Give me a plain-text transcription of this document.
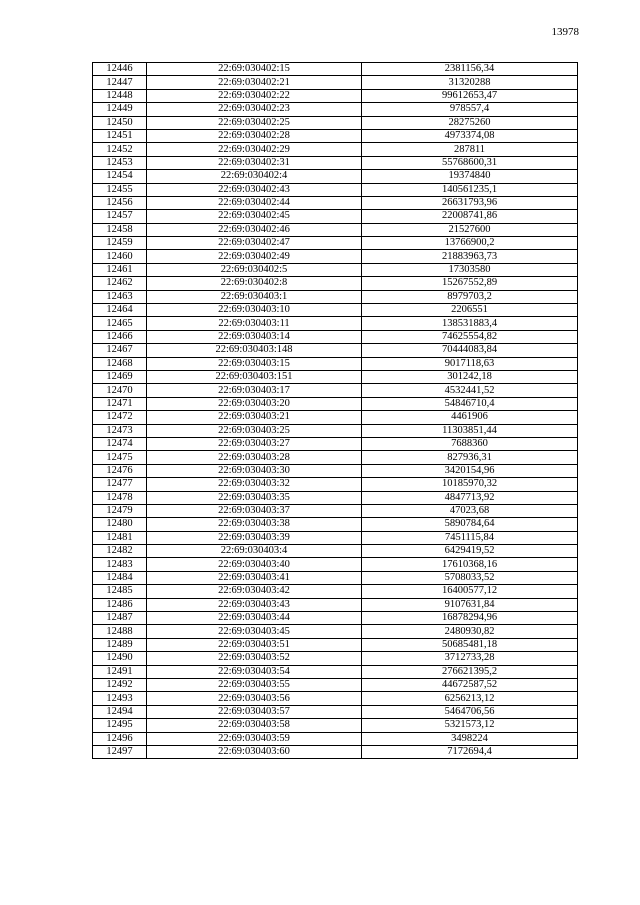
13978
12446	22:69:030402:15	2381156,34
12447	22:69:030402:21	31320288
12448	22:69:030402:22	99612653,47
12449	22:69:030402:23	978557,4
12450	22:69:030402:25	28275260
12451	22:69:030402:28	4973374,08
12452	22:69:030402:29	287811
12453	22:69:030402:31	55768600,31
12454	22:69:030402:4	19374840
12455	22:69:030402:43	140561235,1
12456	22:69:030402:44	26631793,96
12457	22:69:030402:45	22008741,86
12458	22:69:030402:46	21527600
12459	22:69:030402:47	13766900,2
12460	22:69:030402:49	21883963,73
12461	22:69:030402:5	17303580
12462	22:69:030402:8	15267552,89
12463	22:69:030403:1	8979703,2
12464	22:69:030403:10	2206551
12465	22:69:030403:11	138531883,4
12466	22:69:030403:14	74625554,82
12467	22:69:030403:148	70444083,84
12468	22:69:030403:15	9017118,63
12469	22:69:030403:151	301242,18
12470	22:69:030403:17	4532441,52
12471	22:69:030403:20	54846710,4
12472	22:69:030403:21	4461906
12473	22:69:030403:25	11303851,44
12474	22:69:030403:27	7688360
12475	22:69:030403:28	827936,31
12476	22:69:030403:30	3420154,96
12477	22:69:030403:32	10185970,32
12478	22:69:030403:35	4847713,92
12479	22:69:030403:37	47023,68
12480	22:69:030403:38	5890784,64
12481	22:69:030403:39	7451115,84
12482	22:69:030403:4	6429419,52
12483	22:69:030403:40	17610368,16
12484	22:69:030403:41	5708033,52
12485	22:69:030403:42	16400577,12
12486	22:69:030403:43	9107631,84
12487	22:69:030403:44	16878294,96
12488	22:69:030403:45	2480930,82
12489	22:69:030403:51	50685481,18
12490	22:69:030403:52	3712733,28
12491	22:69:030403:54	276621395,2
12492	22:69:030403:55	44672587,52
12493	22:69:030403:56	6256213,12
12494	22:69:030403:57	5464706,56
12495	22:69:030403:58	5321573,12
12496	22:69:030403:59	3498224
12497	22:69:030403:60	7172694,4
